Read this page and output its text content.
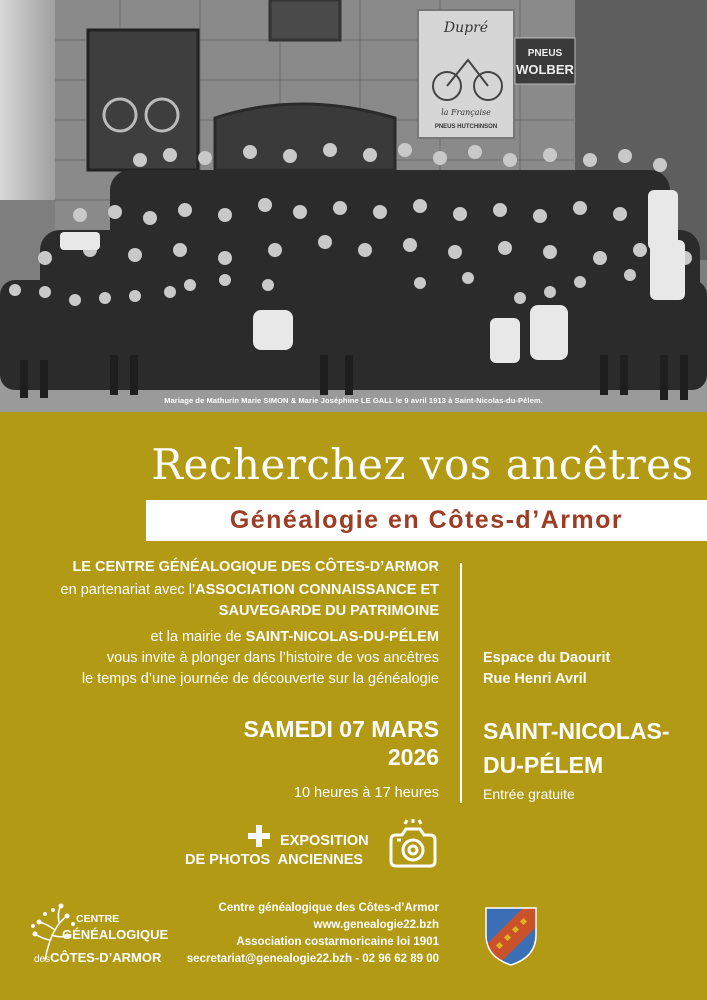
Dupré
la Française
PNEUS HUTCHINSON
PNEUS
WOLBER
Mariage de Mathurin Marie SIMON & Marie Joséphine LE GALL le 9 avril 1913 à Saint-Nicolas-du-Pélem.
Recherchez vos ancêtres
Généalogie en Côtes-d’Armor
LE CENTRE GÉNÉALOGIQUE DES CÔTES-D’ARMOR
en partenariat avec l’ASSOCIATION CONNAISSANCE ET
SAUVEGARDE DU PATRIMOINE
et la mairie de SAINT-NICOLAS-DU-PÉLEM
vous invite à plonger dans l’histoire de vos ancêtres
le temps d’une journée de découverte sur la généalogie
SAMEDI 07 MARS
2026
10 heures à 17 heures
Espace du Daourit
Rue Henri Avril
SAINT-NICOLAS-
DU-PÉLEM
Entrée gratuite
EXPOSITION
DE PHOTOS  ANCIENNES
CENTRE
GÉNÉALOGIQUE
desCÔTES-D’ARMOR
Centre généalogique des Côtes-d’Armor
www.genealogie22.bzh
Association costarmoricaine loi 1901
secretariat@genealogie22.bzh - 02 96 62 89 00
